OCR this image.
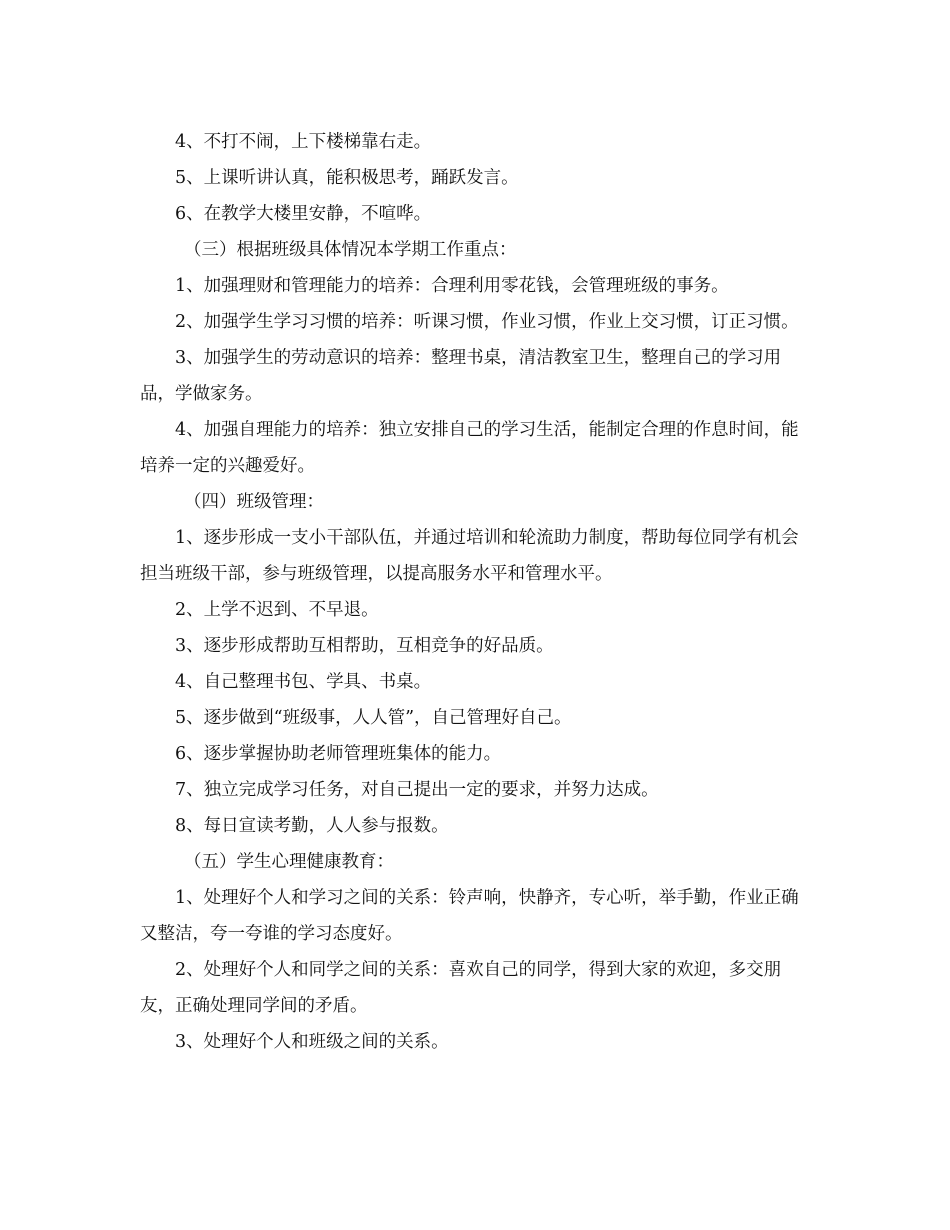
4、不打不闹，上下楼梯靠右走。

5、上课听讲认真，能积极思考，踊跃发言。

6、在教学大楼里安静，不喧哗。

（三）根据班级具体情况本学期工作重点：

1、加强理财和管理能力的培养：合理利用零花钱，会管理班级的事务。

2、加强学生学习习惯的培养：听课习惯，作业习惯，作业上交习惯，订正习惯。

3、加强学生的劳动意识的培养：整理书桌，清洁教室卫生，整理自己的学习用品，学做家务。

4、加强自理能力的培养：独立安排自己的学习生活，能制定合理的作息时间，能培养一定的兴趣爱好。

（四）班级管理：

1、逐步形成一支小干部队伍，并通过培训和轮流助力制度，帮助每位同学有机会担当班级干部，参与班级管理，以提高服务水平和管理水平。

2、上学不迟到、不早退。

3、逐步形成帮助互相帮助，互相竞争的好品质。

4、自己整理书包、学具、书桌。

5、逐步做到“班级事，人人管”，自己管理好自己。

6、逐步掌握协助老师管理班集体的能力。

7、独立完成学习任务，对自己提出一定的要求，并努力达成。

8、每日宣读考勤，人人参与报数。

（五）学生心理健康教育：

1、处理好个人和学习之间的关系：铃声响，快静齐，专心听，举手勤，作业正确又整洁，夸一夸谁的学习态度好。

2、处理好个人和同学之间的关系：喜欢自己的同学，得到大家的欢迎，多交朋友，正确处理同学间的矛盾。

3、处理好个人和班级之间的关系。
